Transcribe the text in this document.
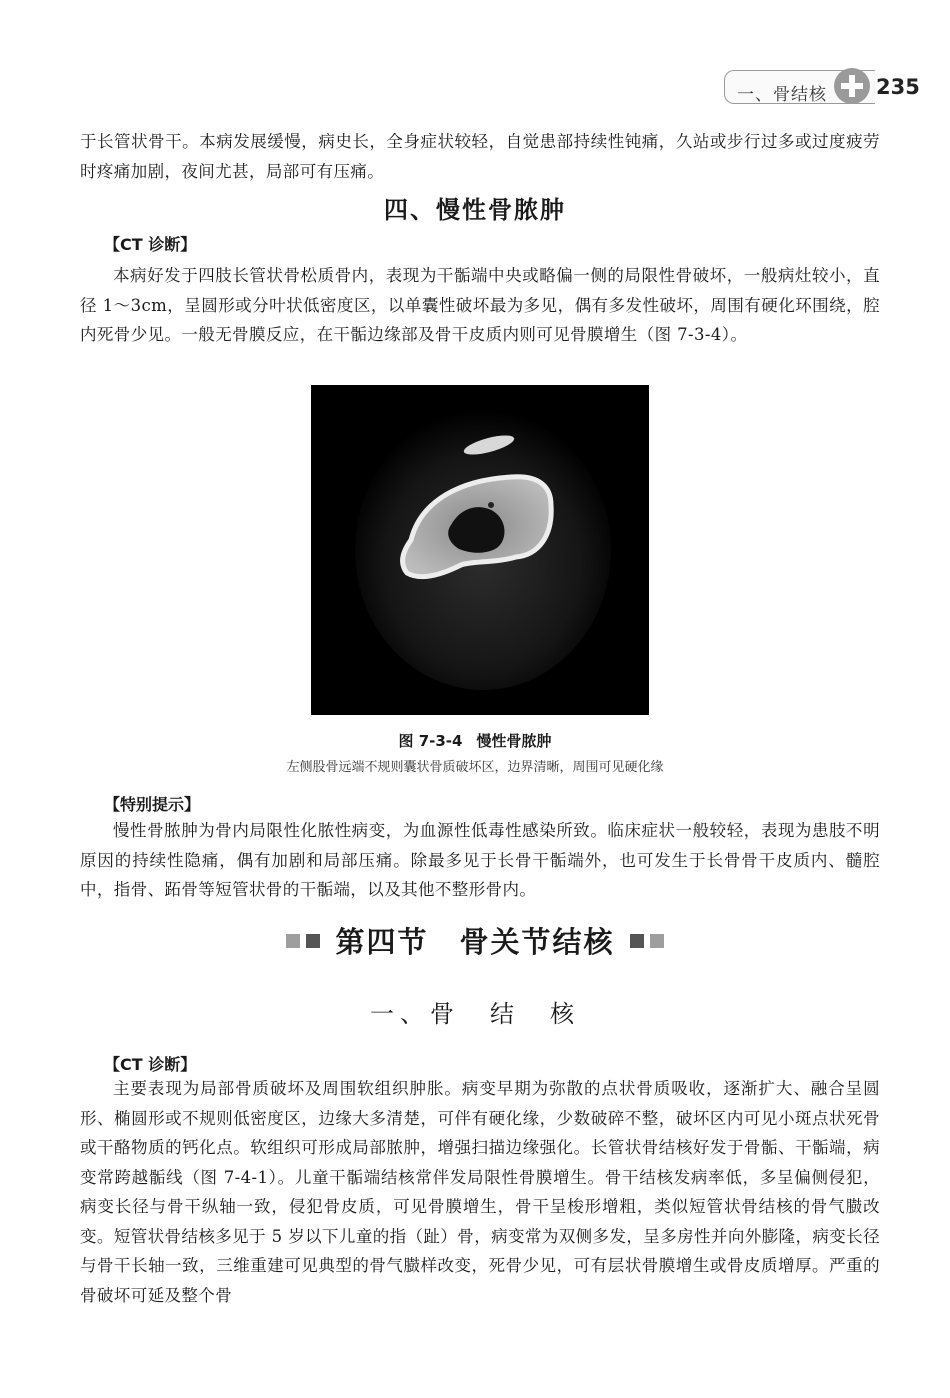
一、骨结核 235
于长管状骨干。本病发展缓慢，病史长，全身症状较轻，自觉患部持续性钝痛，久站或步行过多或过度疲劳时疼痛加剧，夜间尤甚，局部可有压痛。
四、慢性骨脓肿
【CT 诊断】
本病好发于四肢长管状骨松质骨内，表现为干骺端中央或略偏一侧的局限性骨破坏，一般病灶较小，直径 1～3cm，呈圆形或分叶状低密度区，以单囊性破坏最为多见，偶有多发性破坏，周围有硬化环围绕，腔内死骨少见。一般无骨膜反应，在干骺边缘部及骨干皮质内则可见骨膜增生（图 7-3-4）。
图 7-3-4 慢性骨脓肿
左侧股骨远端不规则囊状骨质破坏区，边界清晰，周围可见硬化缘
【特别提示】
慢性骨脓肿为骨内局限性化脓性病变，为血源性低毒性感染所致。临床症状一般较轻，表现为患肢不明原因的持续性隐痛，偶有加剧和局部压痛。除最多见于长骨干骺端外，也可发生于长骨骨干皮质内、髓腔中，指骨、跖骨等短管状骨的干骺端，以及其他不整形骨内。
第四节　骨关节结核
一、骨　结　核
【CT 诊断】
主要表现为局部骨质破坏及周围软组织肿胀。病变早期为弥散的点状骨质吸收，逐渐扩大、融合呈圆形、椭圆形或不规则低密度区，边缘大多清楚，可伴有硬化缘，少数破碎不整，破坏区内可见小斑点状死骨或干酪物质的钙化点。软组织可形成局部脓肿，增强扫描边缘强化。长管状骨结核好发于骨骺、干骺端，病变常跨越骺线（图 7-4-1）。儿童干骺端结核常伴发局限性骨膜增生。骨干结核发病率低，多呈偏侧侵犯，病变长径与骨干纵轴一致，侵犯骨皮质，可见骨膜增生，骨干呈梭形增粗，类似短管状骨结核的骨气臌改变。短管状骨结核多见于 5 岁以下儿童的指（趾）骨，病变常为双侧多发，呈多房性并向外膨隆，病变长径与骨干长轴一致，三维重建可见典型的骨气臌样改变，死骨少见，可有层状骨膜增生或骨皮质增厚。严重的骨破坏可延及整个骨
